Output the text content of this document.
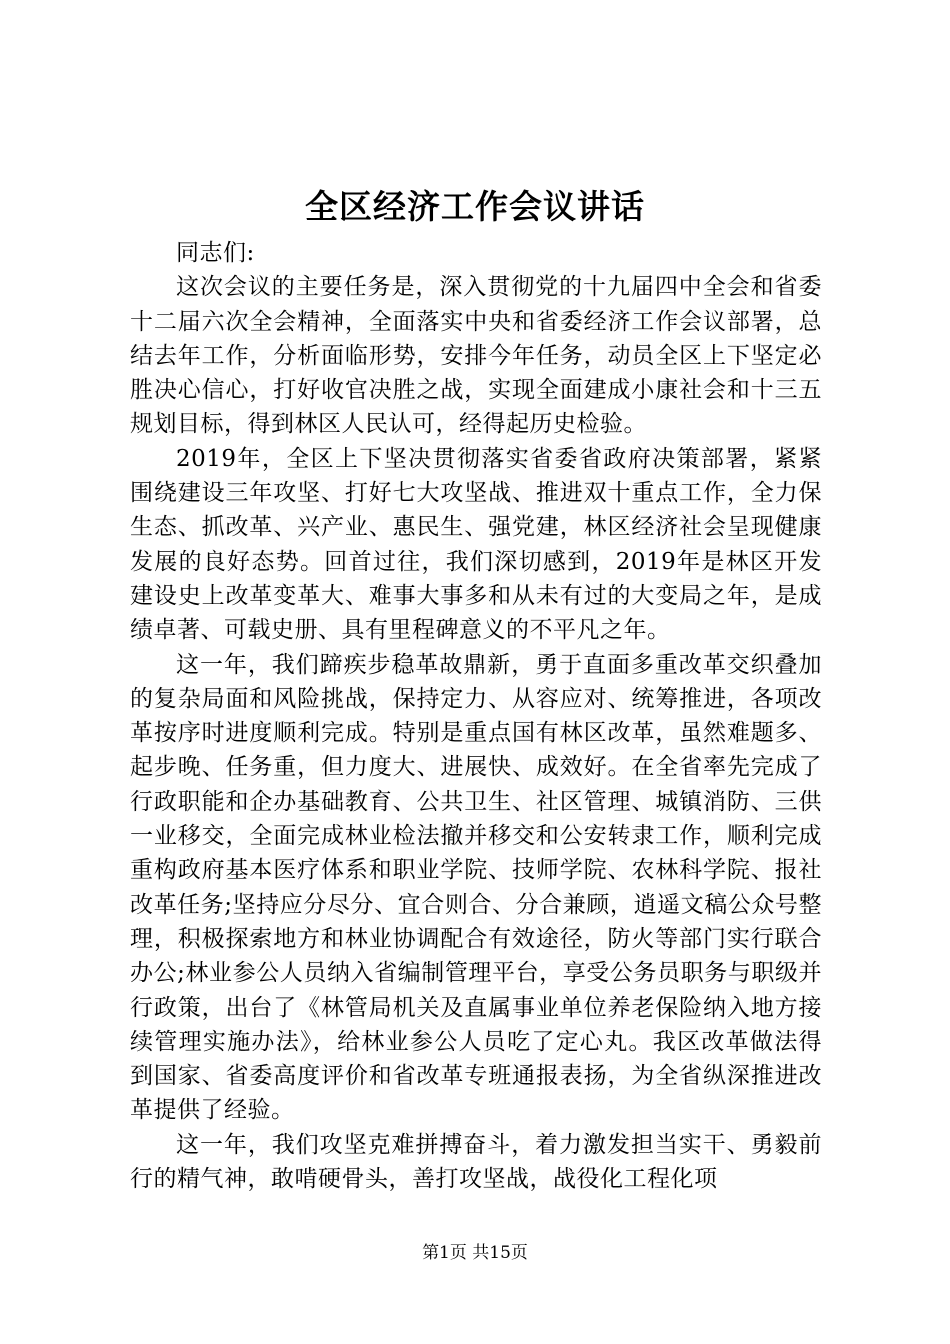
全区经济工作会议讲话

同志们:

这次会议的主要任务是，深入贯彻党的十九届四中全会和省委十二届六次全会精神，全面落实中央和省委经济工作会议部署，总结去年工作，分析面临形势，安排今年任务，动员全区上下坚定必胜决心信心，打好收官决胜之战，实现全面建成小康社会和十三五规划目标，得到林区人民认可，经得起历史检验。

2019年，全区上下坚决贯彻落实省委省政府决策部署，紧紧围绕建设三年攻坚、打好七大攻坚战、推进双十重点工作，全力保生态、抓改革、兴产业、惠民生、强党建，林区经济社会呈现健康发展的良好态势。回首过往，我们深切感到，2019年是林区开发建设史上改革变革大、难事大事多和从未有过的大变局之年，是成绩卓著、可载史册、具有里程碑意义的不平凡之年。

这一年，我们蹄疾步稳革故鼎新，勇于直面多重改革交织叠加的复杂局面和风险挑战，保持定力、从容应对、统筹推进，各项改革按序时进度顺利完成。特别是重点国有林区改革，虽然难题多、起步晚、任务重，但力度大、进展快、成效好。在全省率先完成了行政职能和企办基础教育、公共卫生、社区管理、城镇消防、三供一业移交，全面完成林业检法撤并移交和公安转隶工作，顺利完成重构政府基本医疗体系和职业学院、技师学院、农林科学院、报社改革任务;坚持应分尽分、宜合则合、分合兼顾，逍遥文稿公众号整理，积极探索地方和林业协调配合有效途径，防火等部门实行联合办公;林业参公人员纳入省编制管理平台，享受公务员职务与职级并行政策，出台了《林管局机关及直属事业单位养老保险纳入地方接续管理实施办法》，给林业参公人员吃了定心丸。我区改革做法得到国家、省委高度评价和省改革专班通报表扬，为全省纵深推进改革提供了经验。

这一年，我们攻坚克难拼搏奋斗，着力激发担当实干、勇毅前行的精气神，敢啃硬骨头，善打攻坚战，战役化工程化项

第1页 共15页
